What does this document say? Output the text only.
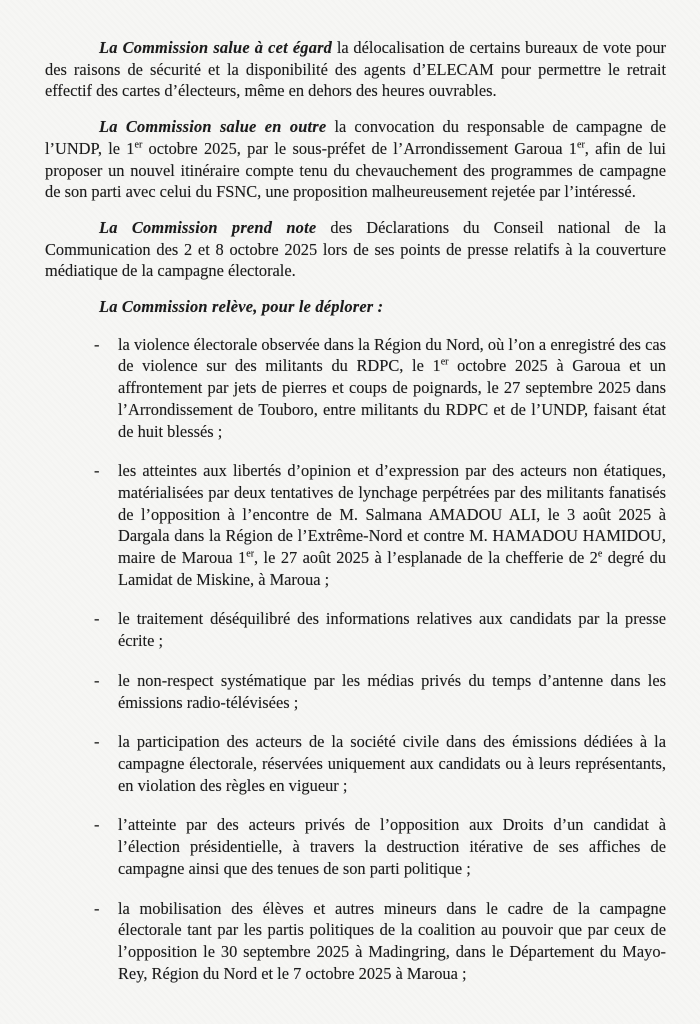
La Commission salue à cet égard la délocalisation de certains bureaux de vote pour des raisons de sécurité et la disponibilité des agents d’ELECAM pour permettre le retrait effectif des cartes d’électeurs, même en dehors des heures ouvrables.

La Commission salue en outre la convocation du responsable de campagne de l’UNDP, le 1er octobre 2025, par le sous-préfet de l’Arrondissement Garoua 1er, afin de lui proposer un nouvel itinéraire compte tenu du chevauchement des programmes de campagne de son parti avec celui du FSNC, une proposition malheureusement rejetée par l’intéressé.

La Commission prend note des Déclarations du Conseil national de la Communication des 2 et 8 octobre 2025 lors de ses points de presse relatifs à la couverture médiatique de la campagne électorale.

La Commission relève, pour le déplorer :

-	la violence électorale observée dans la Région du Nord, où l’on a enregistré des cas de violence sur des militants du RDPC, le 1er octobre 2025 à Garoua et un affrontement par jets de pierres et coups de poignards, le 27 septembre 2025 dans l’Arrondissement de Touboro, entre militants du RDPC et de l’UNDP, faisant état de huit blessés ;
-	les atteintes aux libertés d’opinion et d’expression par des acteurs non étatiques, matérialisées par deux tentatives de lynchage perpétrées par des militants fanatisés de l’opposition à l’encontre de M. Salmana AMADOU ALI, le 3 août 2025 à Dargala dans la Région de l’Extrême-Nord et contre M. HAMADOU HAMIDOU, maire de Maroua 1er, le 27 août 2025 à l’esplanade de la chefferie de 2e degré du Lamidat de Miskine, à Maroua ;
-	le traitement déséquilibré des informations relatives aux candidats par la presse écrite ;
-	le non-respect systématique par les médias privés du temps d’antenne dans les émissions radio-télévisées ;
-	la participation des acteurs de la société civile dans des émissions dédiées à la campagne électorale, réservées uniquement aux candidats ou à leurs représentants, en violation des règles en vigueur ;
-	l’atteinte par des acteurs privés de l’opposition aux Droits d’un candidat à l’élection présidentielle, à travers la destruction itérative de ses affiches de campagne ainsi que des tenues de son parti politique ;
-	la mobilisation des élèves et autres mineurs dans le cadre de la campagne électorale tant par les partis politiques de la coalition au pouvoir que par ceux de l’opposition le 30 septembre 2025 à Madingring, dans le Département du Mayo-Rey, Région du Nord et le 7 octobre 2025 à Maroua ;
